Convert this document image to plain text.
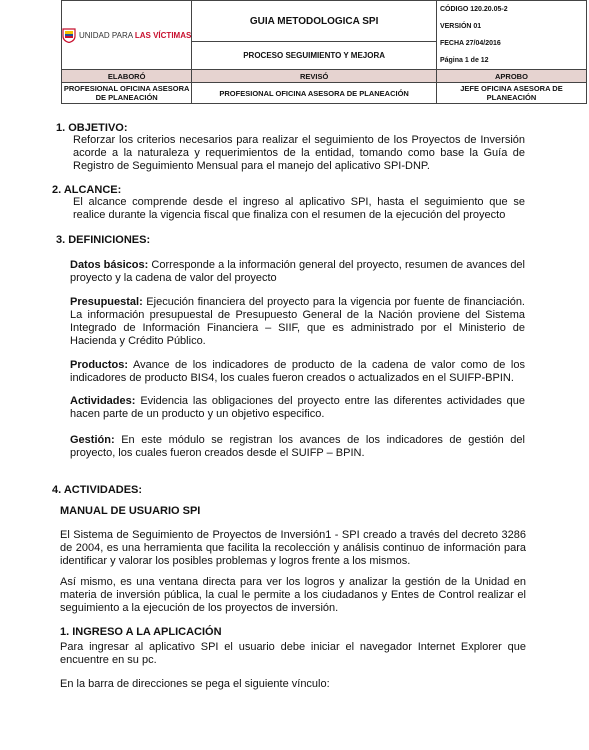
UNIDAD PARA LAS VÍCTIMAS	GUIA METODOLOGICA SPI	CÓDIGO 120.20.05-2
VERSIÓN 01
FECHA 27/04/2016
Página 1 de 12

	PROCESO SEGUIMIENTO Y MEJORA	
ELABORÓ	REVISÓ	APROBO
PROFESIONAL OFICINA ASESORA DE PLANEACIÓN	PROFESIONAL OFICINA ASESORA DE PLANEACIÓN	JEFE OFICINA ASESORA DE PLANEACIÓN
1. OBJETIVO:
Reforzar los criterios necesarios para realizar el seguimiento de los Proyectos de Inversión acorde a la naturaleza y requerimientos de la entidad, tomando como base la Guía de Registro de Seguimiento Mensual para el manejo del aplicativo SPI-DNP.
2. ALCANCE:
El alcance comprende desde el ingreso al aplicativo SPI, hasta el seguimiento que se realice durante la vigencia fiscal que finaliza con el resumen de la ejecución del proyecto
3. DEFINICIONES:
Datos básicos: Corresponde a la información general del proyecto, resumen de avances del proyecto y la cadena de valor del proyecto
Presupuestal: Ejecución financiera del proyecto para la vigencia por fuente de financiación. La información presupuestal de Presupuesto General de la Nación proviene del Sistema Integrado de Información Financiera – SIIF, que es administrado por el Ministerio de Hacienda y Crédito Público.
Productos: Avance de los indicadores de producto de la cadena de valor como de los indicadores de producto BIS4, los cuales fueron creados o actualizados en el SUIFP-BPIN.
Actividades: Evidencia las obligaciones del proyecto entre las diferentes actividades que hacen parte de un producto y un objetivo especifico.
Gestión: En este módulo se registran los avances de los indicadores de gestión del proyecto, los cuales fueron creados desde el SUIFP – BPIN.
4. ACTIVIDADES:
MANUAL DE USUARIO SPI
El Sistema de Seguimiento de Proyectos de Inversión1 - SPI creado a través del decreto 3286 de 2004, es una herramienta que facilita la recolección y análisis continuo de información para identificar y valorar los posibles problemas y logros frente a los mismos.
Así mismo, es una ventana directa para ver los logros y analizar la gestión de la Unidad en materia de inversión pública, la cual le permite a los ciudadanos y Entes de Control realizar el seguimiento a la ejecución de los proyectos de inversión.
1. INGRESO A LA APLICACIÓN
Para ingresar al aplicativo SPI el usuario debe iniciar el navegador Internet Explorer que encuentre en su pc.
En la barra de direcciones se pega el siguiente vínculo:
